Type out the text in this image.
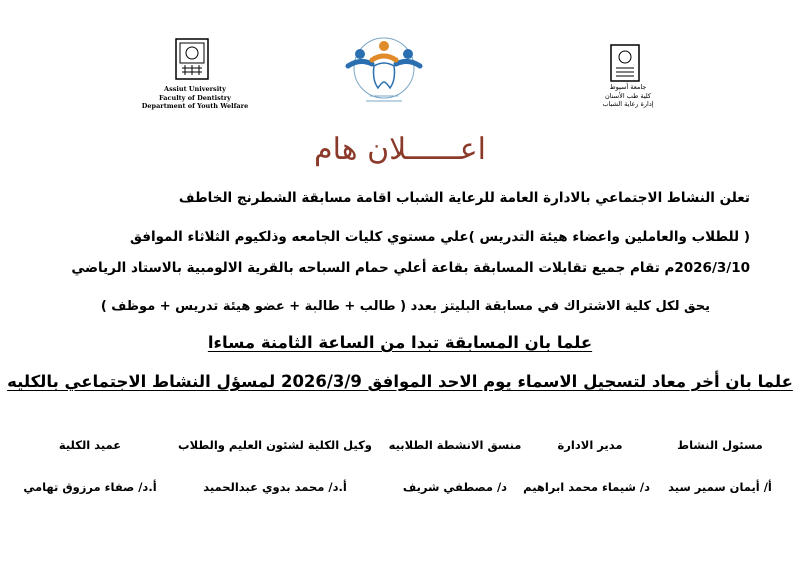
Assiut University
Faculty of Dentistry
Department of Youth Welfare
جامعة أسيوط
كلية طب الأسنان
إدارة رعاية الشباب
اعــــــلان هام
تعلن النشاط الاجتماعي بالادارة العامة للرعاية الشباب اقامة مسابقة الشطرنج الخاطف
( للطلاب والعاملين واعضاء هيئة التدريس )علي مستوي كليات الجامعه وذلكيوم الثلاثاء الموافق
2026/3/10م تقام جميع تقابلات المسابقة بقاعة أعلي حمام السباحه بالقرية الالومبية بالاستاد الرياضي
يحق لكل كلية الاشتراك في مسابقة البليتز بعدد ( طالب + طالبة + عضو هيئة تدريس + موظف )
علما بان المسابقة تبدا من الساعة الثامنة مساءا
علما بان أخر معاد لتسجيل الاسماء يوم الاحد الموافق 2026/3/9 لمسؤل النشاط الاجتماعي بالكليه
مسئول النشاط
مدير الادارة
منسق الانشطة الطلابيه
وكيل الكلية لشئون العليم والطلاب
عميد الكلية
أ/ أيمان سمير سيد
د/ شيماء محمد ابراهيم
د/ مصطفي شريف
أ.د/ محمد بدوي عبدالحميد
أ.د/ صفاء مرزوق تهامي
